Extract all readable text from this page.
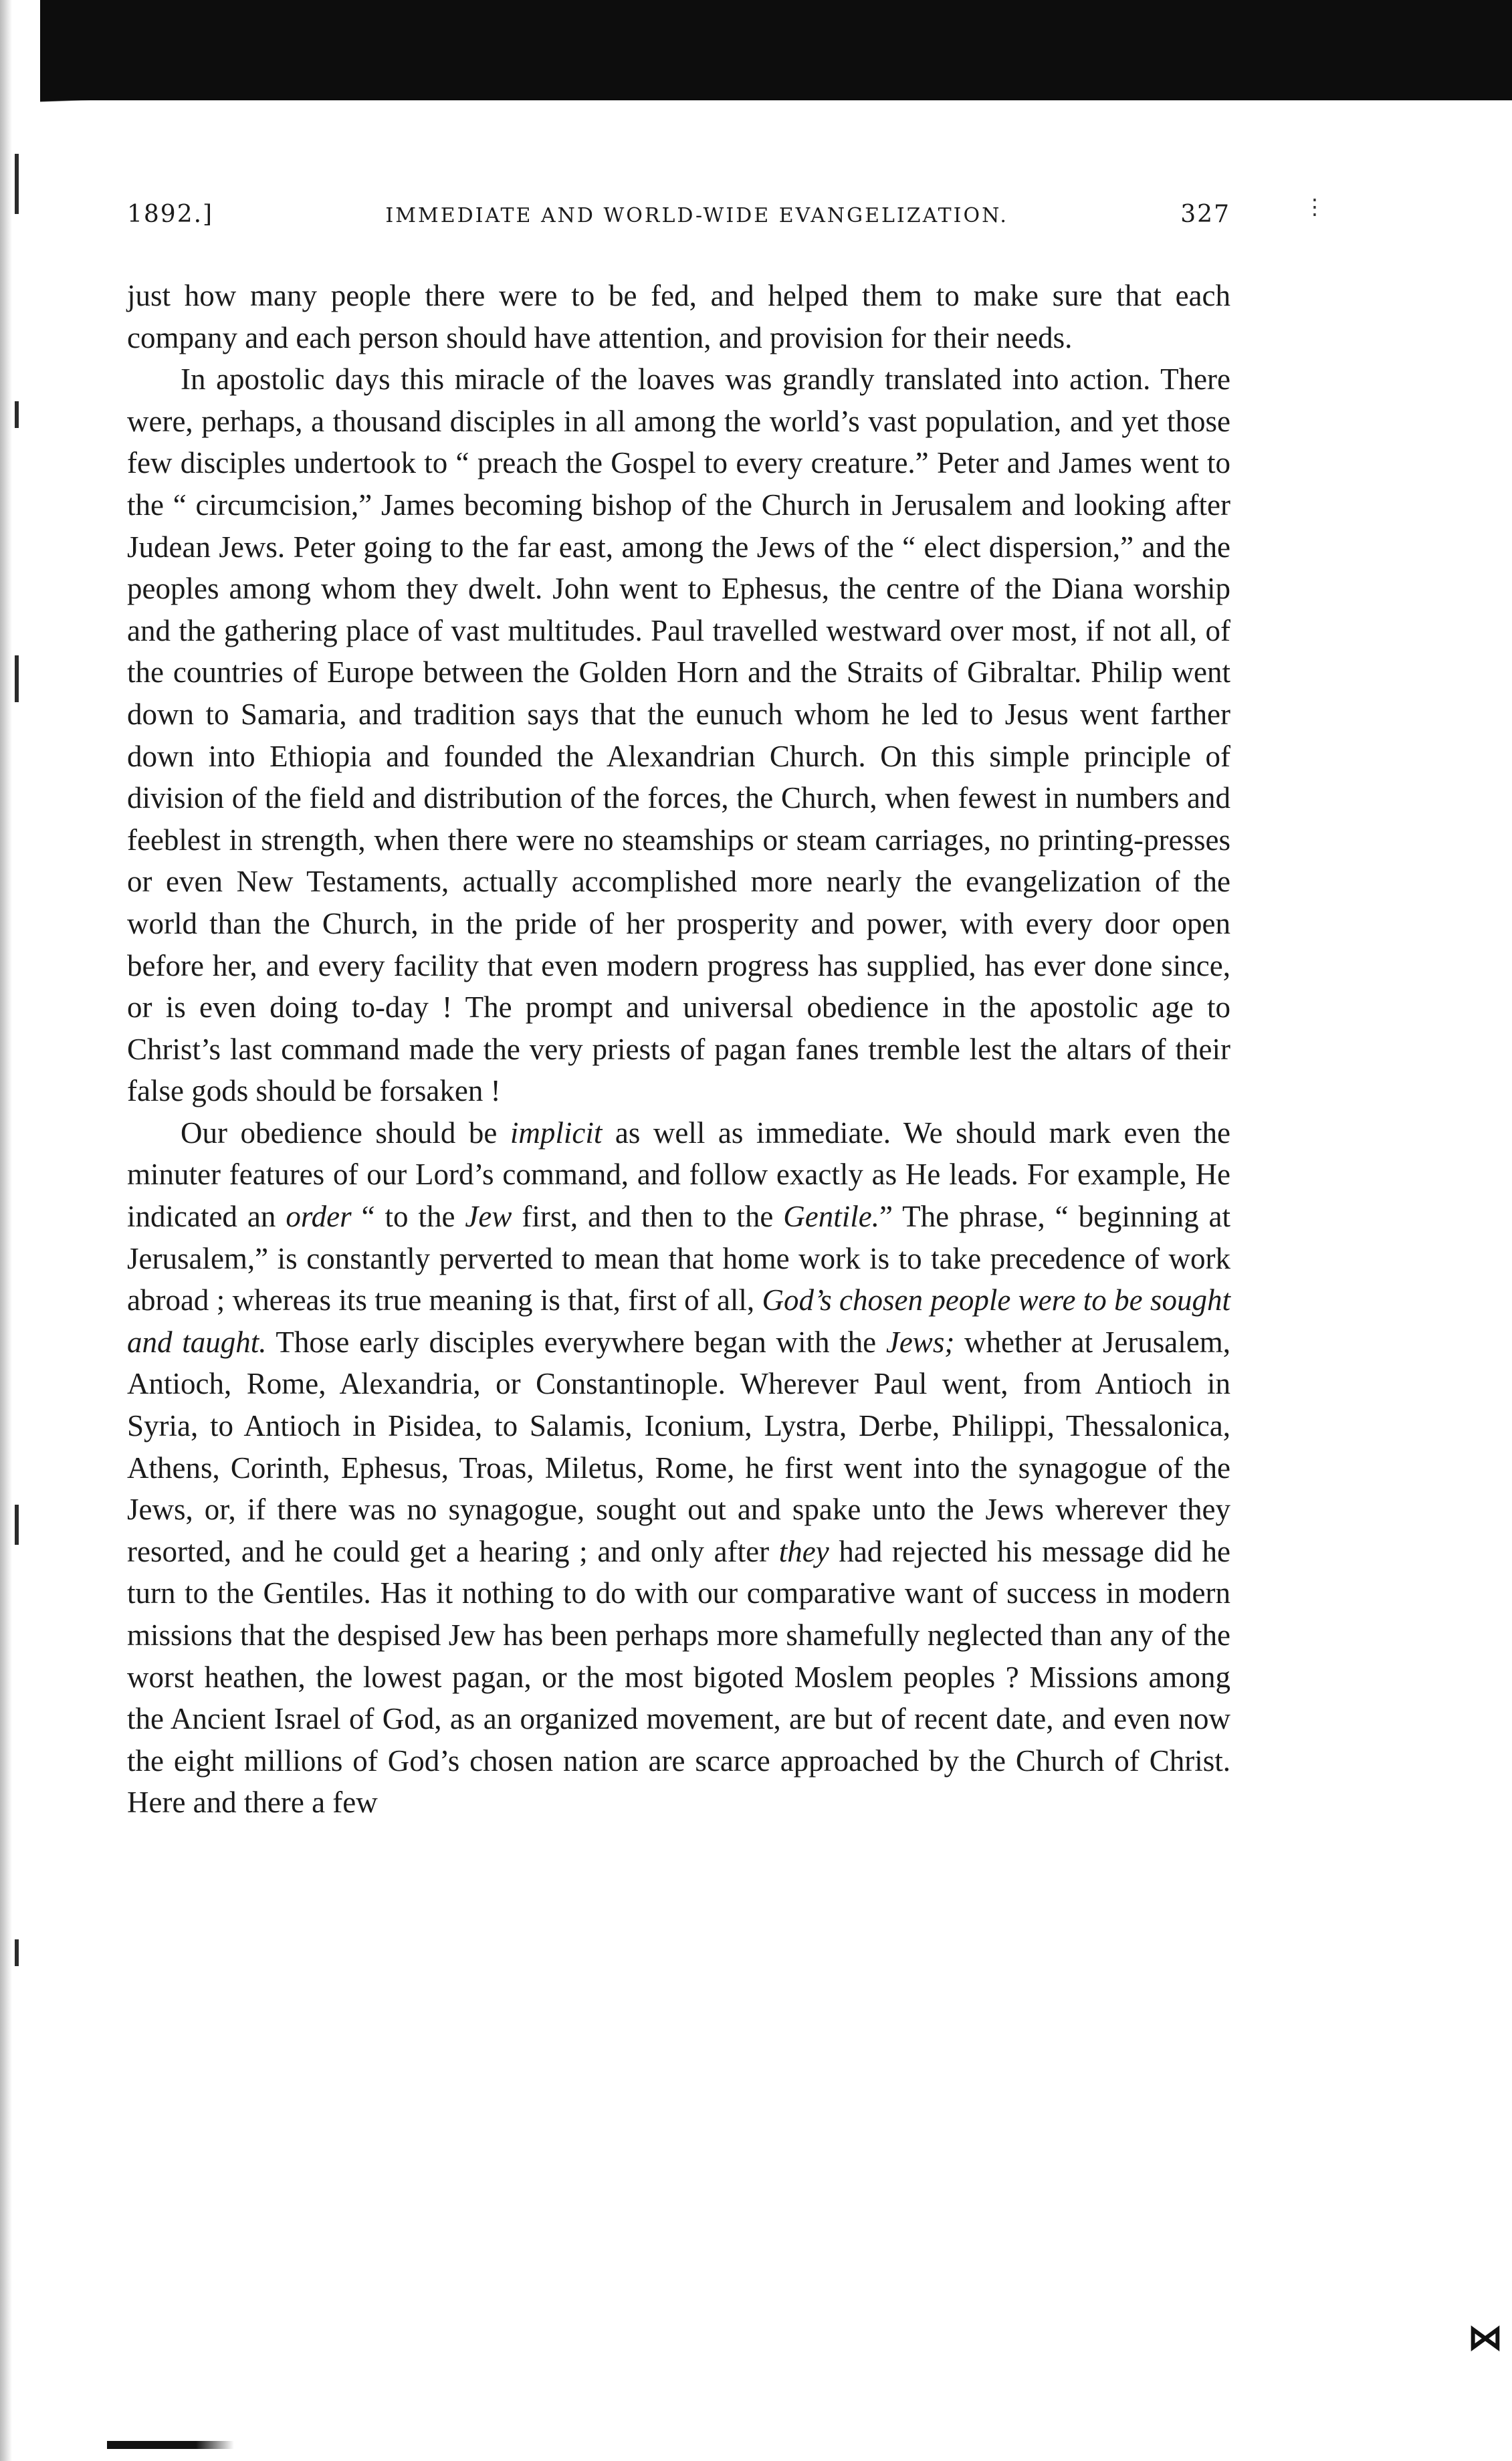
⋮
1892.]	IMMEDIATE AND WORLD-WIDE EVANGELIZATION.	327

just how many people there were to be fed, and helped them to make sure that each company and each person should have attention, and provision for their needs.

In apostolic days this miracle of the loaves was grandly translated into action. There were, perhaps, a thousand disciples in all among the world’s vast population, and yet those few disciples undertook to “ preach the Gospel to every creature.” Peter and James went to the “ circumcision,” James becoming bishop of the Church in Jerusalem and looking after Judean Jews. Peter going to the far east, among the Jews of the “ elect dispersion,” and the peoples among whom they dwelt. John went to Ephesus, the centre of the Diana worship and the gathering place of vast multitudes. Paul travelled westward over most, if not all, of the countries of Europe between the Golden Horn and the Straits of Gibraltar. Philip went down to Samaria, and tradition says that the eunuch whom he led to Jesus went farther down into Ethiopia and founded the Alexandrian Church. On this simple principle of division of the field and distribution of the forces, the Church, when fewest in numbers and feeblest in strength, when there were no steamships or steam carriages, no printing-presses or even New Testaments, actually accomplished more nearly the evangelization of the world than the Church, in the pride of her prosperity and power, with every door open before her, and every facility that even modern progress has supplied, has ever done since, or is even doing to-day ! The prompt and universal obedience in the apostolic age to Christ’s last command made the very priests of pagan fanes tremble lest the altars of their false gods should be forsaken !

Our obedience should be implicit as well as immediate. We should mark even the minuter features of our Lord’s command, and follow exactly as He leads. For example, He indicated an order “ to the Jew first, and then to the Gentile.” The phrase, “ beginning at Jerusalem,” is constantly perverted to mean that home work is to take precedence of work abroad ; whereas its true meaning is that, first of all, God’s chosen people were to be sought and taught. Those early disciples everywhere began with the Jews; whether at Jerusalem, Antioch, Rome, Alexandria, or Constantinople. Wherever Paul went, from Antioch in Syria, to Antioch in Pisidea, to Salamis, Iconium, Lystra, Derbe, Philippi, Thessalonica, Athens, Corinth, Ephesus, Troas, Miletus, Rome, he first went into the synagogue of the Jews, or, if there was no synagogue, sought out and spake unto the Jews wherever they resorted, and he could get a hearing ; and only after they had rejected his message did he turn to the Gentiles. Has it nothing to do with our comparative want of success in modern missions that the despised Jew has been perhaps more shamefully neglected than any of the worst heathen, the lowest pagan, or the most bigoted Moslem peoples ? Missions among the Ancient Israel of God, as an organized movement, are but of recent date, and even now the eight millions of God’s chosen nation are scarce approached by the Church of Christ. Here and there a few

⋈
